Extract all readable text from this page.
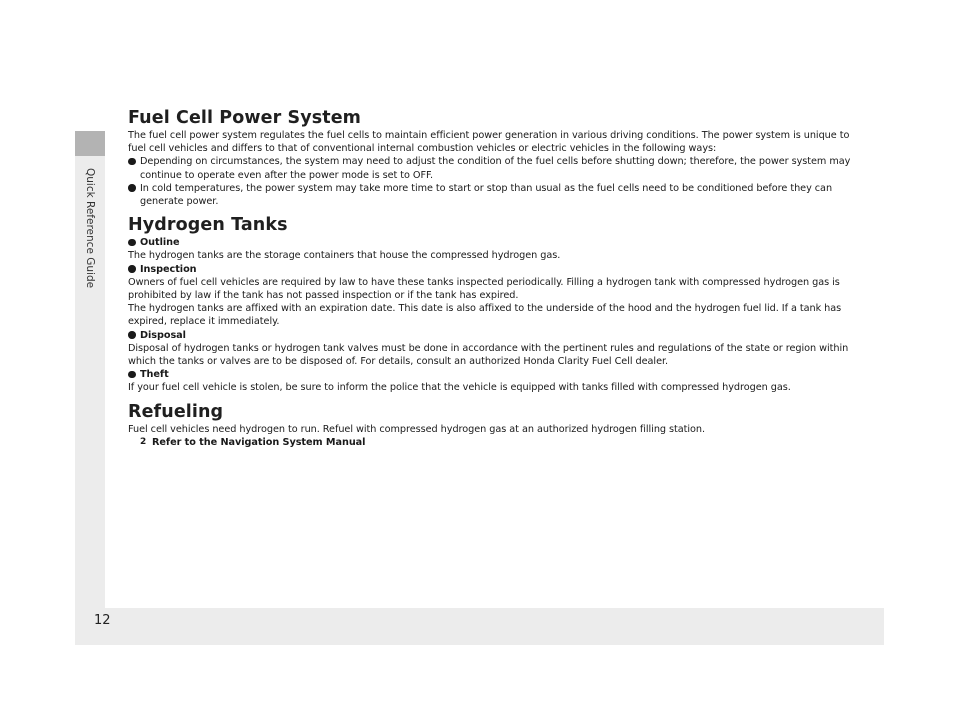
Quick Reference Guide
12
Fuel Cell Power System

The fuel cell power system regulates the fuel cells to maintain efficient power generation in various driving conditions. The power system is unique to fuel cell vehicles and differs to that of conventional internal combustion vehicles or electric vehicles in the following ways:

Depending on circumstances, the system may need to adjust the condition of the fuel cells before shutting down; therefore, the power system may continue to operate even after the power mode is set to OFF.
In cold temperatures, the power system may take more time to start or stop than usual as the fuel cells need to be conditioned before they can generate power.
Hydrogen Tanks
Outline

The hydrogen tanks are the storage containers that house the compressed hydrogen gas.

Inspection

Owners of fuel cell vehicles are required by law to have these tanks inspected periodically. Filling a hydrogen tank with compressed hydrogen gas is prohibited by law if the tank has not passed inspection or if the tank has expired.

The hydrogen tanks are affixed with an expiration date. This date is also affixed to the underside of the hood and the hydrogen fuel lid. If a tank has expired, replace it immediately.

Disposal

Disposal of hydrogen tanks or hydrogen tank valves must be done in accordance with the pertinent rules and regulations of the state or region within which the tanks or valves are to be disposed of. For details, consult an authorized Honda Clarity Fuel Cell dealer.

Theft

If your fuel cell vehicle is stolen, be sure to inform the police that the vehicle is equipped with tanks filled with compressed hydrogen gas.

Refueling

Fuel cell vehicles need hydrogen to run. Refuel with compressed hydrogen gas at an authorized hydrogen filling station.

2 Refer to the Navigation System Manual
